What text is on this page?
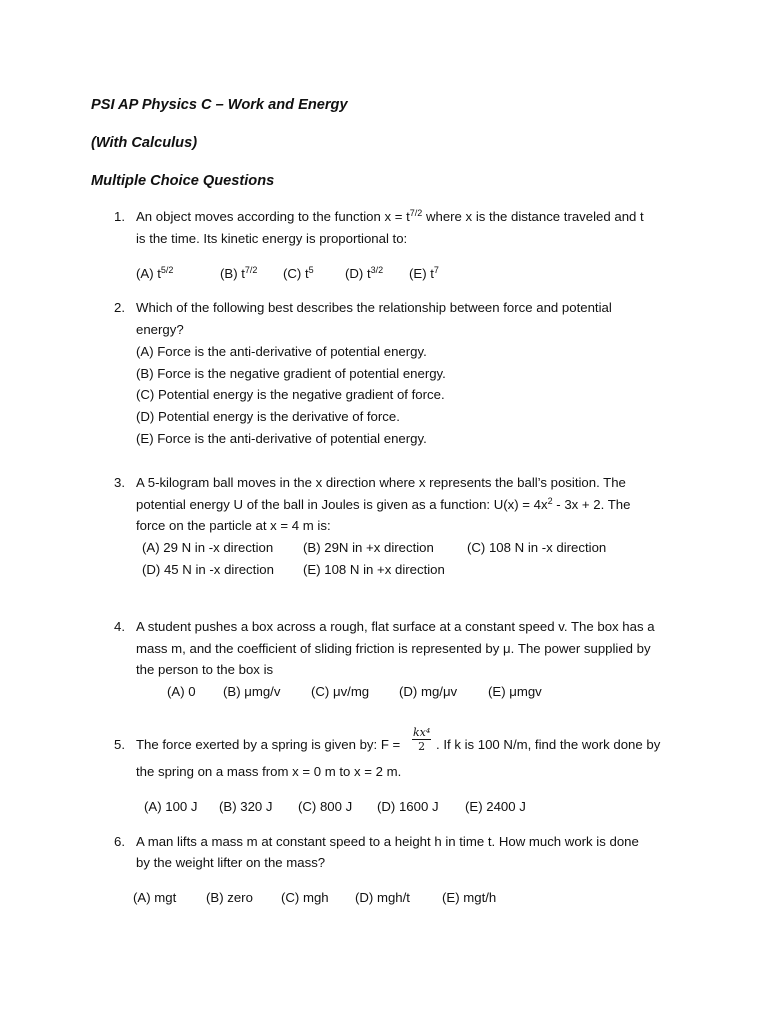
PSI AP Physics C – Work and Energy
(With Calculus)
Multiple Choice Questions
1. An object moves according to the function $x = t^{7/2}$ where x is the distance traveled and t
is the time. Its kinetic energy is proportional to:
(A) $t^{5/2}$	(B) $t^{7/2}$ (C) $t^5$ (D) $t^{3/2}$ (E) $t^7$
2. Which of the following best describes the relationship between force and potential
energy?
(A) Force is the anti-derivative of potential energy.
(B) Force is the negative gradient of potential energy.
(C) Potential energy is the negative gradient of force.
(D) Potential energy is the derivative of force.
(E) Force is the anti-derivative of potential energy.
3. A 5-kilogram ball moves in the x direction where x represents the ball’s position. The
potential energy U of the ball in Joules is given as a function: $U(x) = 4x^2 - 3x + 2$. The
force on the particle at x = 4 m is:
(A) 29 N in -x direction (B) 29N in +x direction	(C) 108 N in -x direction
(D) 45 N in -x direction (E) 108 N in +x direction
4. A student pushes a box across a rough, flat surface at a constant speed v. The box has a
mass m, and the coefficient of sliding friction is represented by μ. The power supplied by
the person to the box is
(A) 0 (B) μmg/v (C) μv/mg (D) mg/μv (E) μmgv
5. The force exerted by a spring is given by: $F = \frac{\text{kx⁴}}{2}$ . If k is 100 N/m, find the work done by
the spring on a mass from x = 0 m to x = 2 m.
(A) 100 J (B) 320 J (C) 800 J (D) 1600 J (E) 2400 J
6. A man lifts a mass m at constant speed to a height h in time t. How much work is done
by the weight lifter on the mass?
(A) mgt (B) zero (C) mgh (D) mgh/t (E) mgt/h
